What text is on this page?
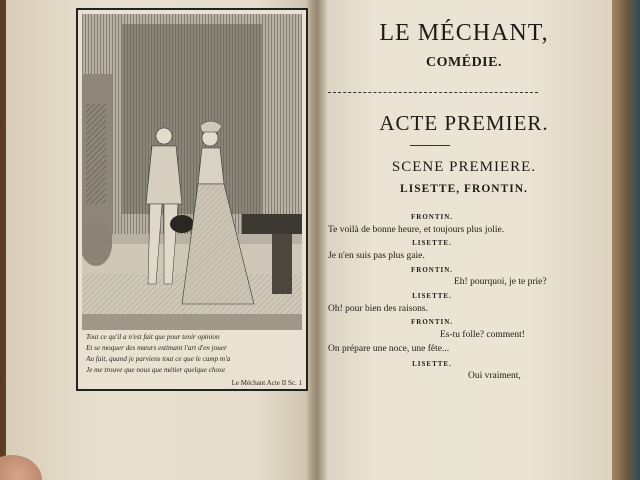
Tout ce qu'il a n'est fait que pour tenir opinion
Et se moquer des mœurs estimant l'art d'en jouer
Au fait, quand je parviens tout ce que le camp m'a
Je me trouve que nous que métier quelque chose
Le Méchant Acte II Sc. 1
LE MÉCHANT,
COMÉDIE.
ACTE PREMIER.
SCENE PREMIERE.
LISETTE, FRONTIN.
FRONTIN.
Te voilà de bonne heure, et toujours plus jolie.
LISETTE.
Je n'en suis pas plus gaie.
FRONTIN.
Eh! pourquoi, je te prie?
LISETTE.
Oh! pour bien des raisons.
FRONTIN.
Es-tu folle? comment!
On prépare une noce, une fête...
LISETTE.
Oui vraiment,
